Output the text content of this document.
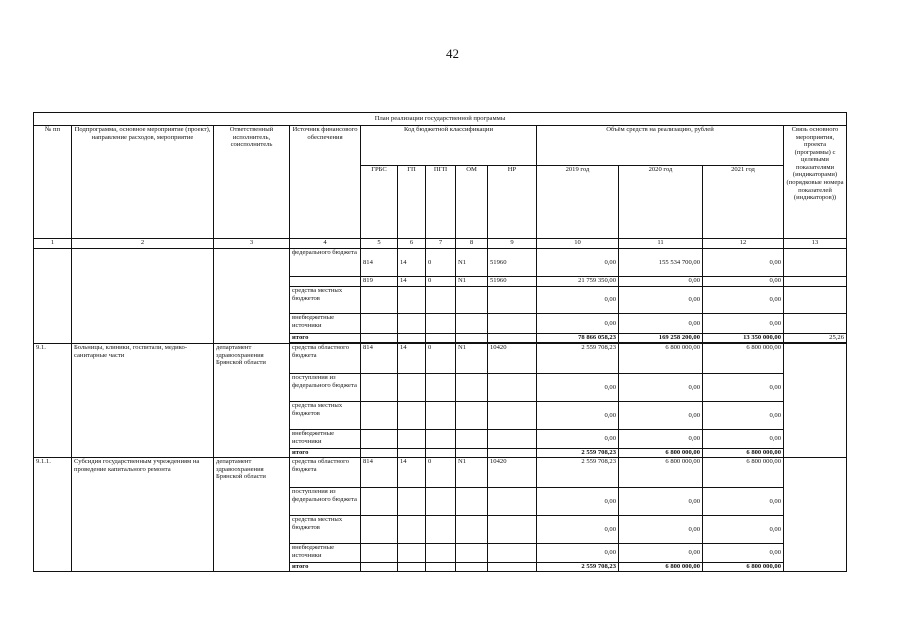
42
План реализации государственной программы												
№ пп	Подпрограмма, основное мероприятие (проект), направление расходов, мероприятие	Ответственный исполнитель, соисполнитель	Источник финансового обеспечения	Код бюджетной классификации					Объём средств на реализацию, рублей			Связь основного мероприятия, проекта (программы) с целевыми показателями (индикаторами) (порядковые номера показателей (индикаторов))
				ГРБС	ГП	ПГП	ОМ	НР	2019 год	2020 год	2021 год	
1	2	3	4	5	6	7	8	9	10	11	12	13
			федерального бюджета	814	14	0	N1	51960	0,00	155 534 700,00	0,00	
				819	14	0	N1	51960	21 759 350,00	0,00	0,00	
			средства местных бюджетов						0,00	0,00	0,00	
			внебюджетные источники						0,00	0,00	0,00	
			итого						78 866 058,23	169 258 200,00	13 350 000,00	25,26

9.1.	Больницы, клиники, госпитали, медико-санитарные части	департамент здравоохранения Брянской области	средства областного бюджета	814	14	0	N1	10420	2 559 708,23	6 800 000,00	6 800 000,00	
			поступления из федерального бюджета						0,00	0,00	0,00	
			средства местных бюджетов						0,00	0,00	0,00	
			внебюджетные источники						0,00	0,00	0,00	
			итого						2 559 708,23	6 800 000,00	6 800 000,00	
9.1.1.	Субсидия государственным учреждениям на проведение капитального ремонта	департамент здравоохранения Брянской области	средства областного бюджета	814	14	0	N1	10420	2 559 708,23	6 800 000,00	6 800 000,00	
			поступления из федерального бюджета						0,00	0,00	0,00	
			средства местных бюджетов						0,00	0,00	0,00	
			внебюджетные источники						0,00	0,00	0,00	
			итого						2 559 708,23	6 800 000,00	6 800 000,00	
